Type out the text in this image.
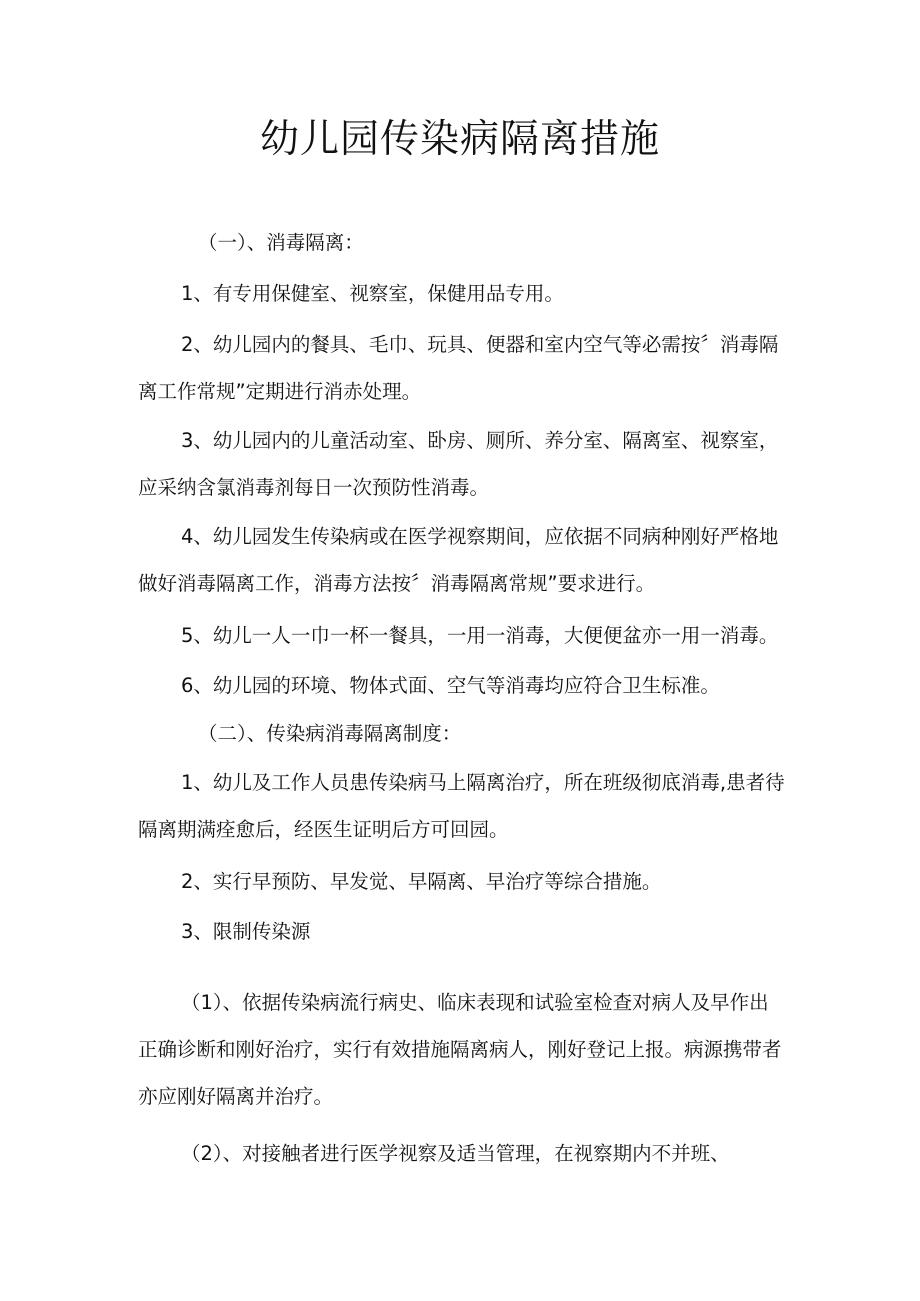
幼儿园传染病隔离措施

（一）、消毒隔离：

1、有专用保健室、视察室，保健用品专用。

2、幼儿园内的餐具、毛巾、玩具、便器和室内空气等必需按〞消毒隔离工作常规”定期进行消赤处理。

3、幼儿园内的儿童活动室、卧房、厕所、养分室、隔离室、视察室，应采纳含氯消毒剂每日一次预防性消毒。

4、幼儿园发生传染病或在医学视察期间，应依据不同病种刚好严格地做好消毒隔离工作，消毒方法按〞消毒隔离常规”要求进行。

5、幼儿一人一巾一杯一餐具，一用一消毒，大便便盆亦一用一消毒。

6、幼儿园的环境、物体式面、空气等消毒均应符合卫生标准。

（二）、传染病消毒隔离制度：

1、幼儿及工作人员患传染病马上隔离治疗，所在班级彻底消毒,患者待隔离期满痊愈后，经医生证明后方可回园。

2、实行早预防、早发觉、早隔离、早治疗等综合措施。

3、限制传染源

（1）、依据传染病流行病史、临床表现和试验室检查对病人及早作出正确诊断和刚好治疗，实行有效措施隔离病人，刚好登记上报。病源携带者亦应刚好隔离并治疗。

（2）、对接触者进行医学视察及适当管理，在视察期内不并班、
